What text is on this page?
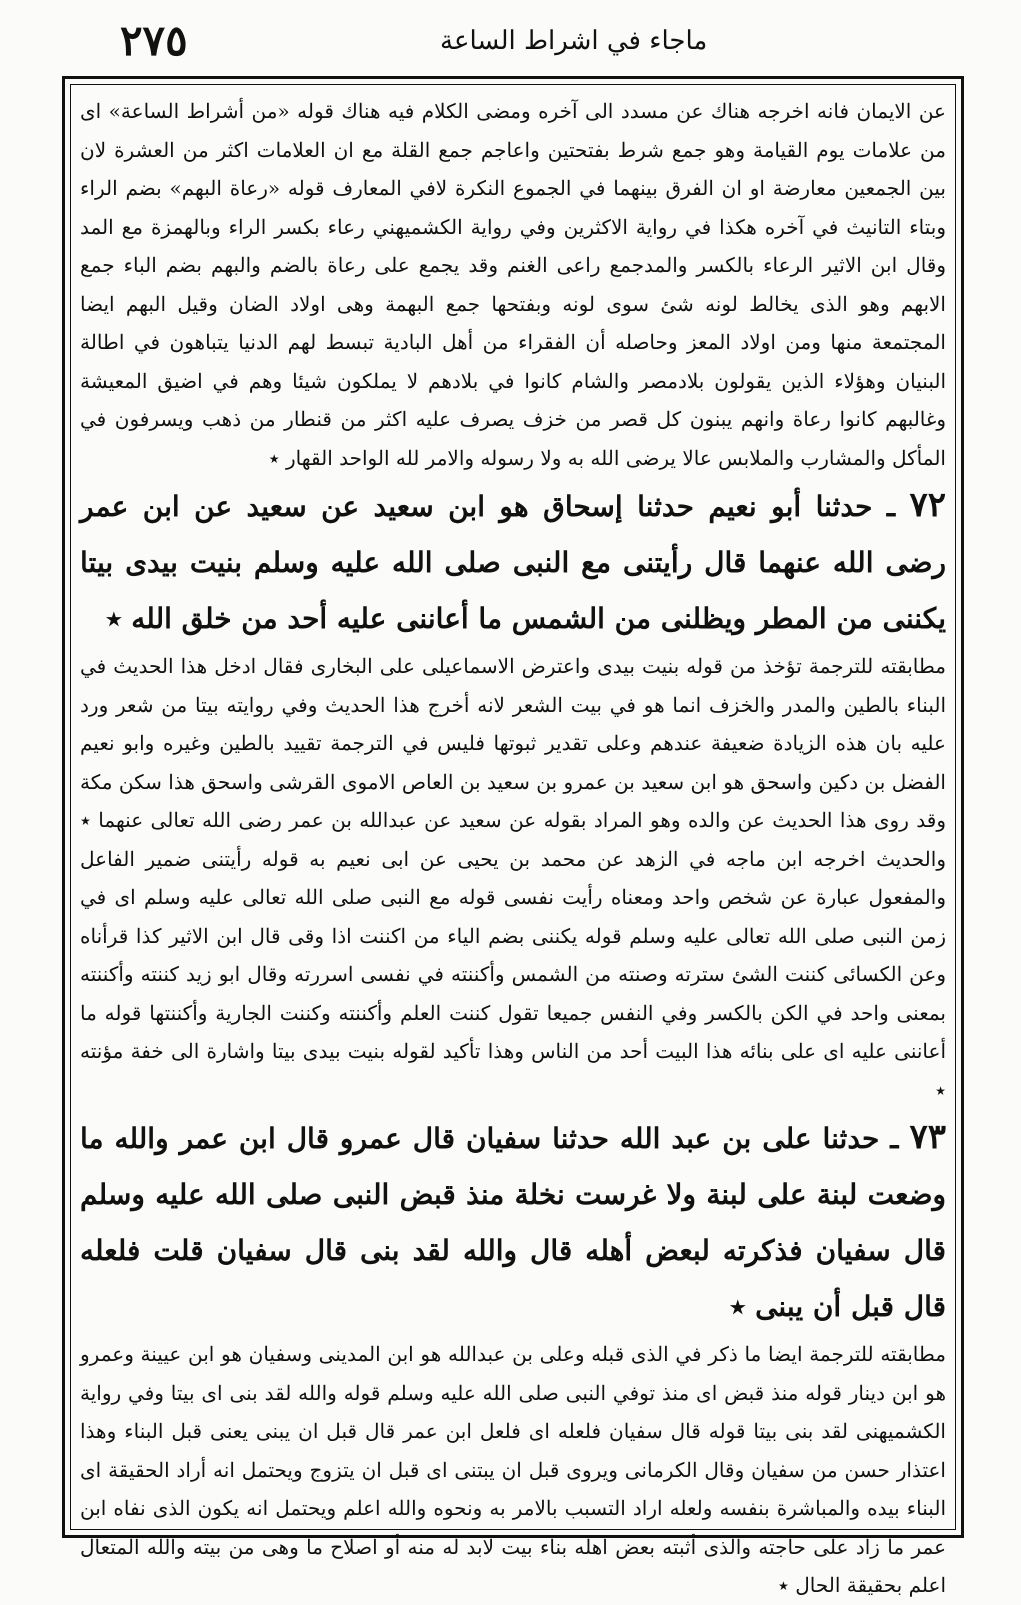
٢٧٥	ماجاء في اشراط الساعة

عن الايمان فانه اخرجه هناك عن مسدد الى آخره ومضى الكلام فيه هناك قوله «من أشراط الساعة» اى من علامات يوم القيامة وهو جمع شرط بفتحتين واعاجم جمع القلة مع ان العلامات اكثر من العشرة لان بين الجمعين معارضة او ان الفرق بينهما في الجموع النكرة لافي المعارف قوله «رعاة البهم» بضم الراء وبتاء التانيث في آخره هكذا في رواية الاكثرين وفي رواية الكشميهني رعاء بكسر الراء وبالهمزة مع المد وقال ابن الاثير الرعاء بالكسر والمدجمع راعى الغنم وقد يجمع على رعاة بالضم والبهم بضم الباء جمع الابهم وهو الذى يخالط لونه شئ سوى لونه وبفتحها جمع البهمة وهى اولاد الضان وقيل البهم ايضا المجتمعة منها ومن اولاد المعز وحاصله أن الفقراء من أهل البادية تبسط لهم الدنيا يتباهون في اطالة البنيان وهؤلاء الذين يقولون بلادمصر والشام كانوا في بلادهم لا يملكون شيئا وهم في اضيق المعيشة وغالبهم كانوا رعاة وانهم يبنون كل قصر من خزف يصرف عليه اكثر من قنطار من ذهب ويسرفون في المأكل والمشارب والملابس عالا يرضى الله به ولا رسوله والامر لله الواحد القهار ٭

٧٢ ـ حدثنا أبو نعيم حدثنا إسحاق هو ابن سعيد عن سعيد عن ابن عمر رضى الله عنهما قال رأيتنى مع النبى صلى الله عليه وسلم بنيت بيدى بيتا يكننى من المطر ويظلنى من الشمس ما أعاننى عليه أحد من خلق الله ٭

مطابقته للترجمة تؤخذ من قوله بنيت بيدى واعترض الاسماعيلى على البخارى فقال ادخل هذا الحديث في البناء بالطين والمدر والخزف انما هو في بيت الشعر لانه أخرج هذا الحديث وفي روايته بيتا من شعر ورد عليه بان هذه الزيادة ضعيفة عندهم وعلى تقدير ثبوتها فليس في الترجمة تقييد بالطين وغيره وابو نعيم الفضل بن دكين واسحق هو ابن سعيد بن عمرو بن سعيد بن العاص الاموى القرشى واسحق هذا سكن مكة وقد روى هذا الحديث عن والده وهو المراد بقوله عن سعيد عن عبدالله بن عمر رضى الله تعالى عنهما ٭ والحديث اخرجه ابن ماجه في الزهد عن محمد بن يحيى عن ابى نعيم به قوله رأيتنى ضمير الفاعل والمفعول عبارة عن شخص واحد ومعناه رأيت نفسى قوله مع النبى صلى الله تعالى عليه وسلم اى في زمن النبى صلى الله تعالى عليه وسلم قوله يكننى بضم الياء من اكننت اذا وقى قال ابن الاثير كذا قرأناه وعن الكسائى كننت الشئ سترته وصنته من الشمس وأكننته في نفسى اسررته وقال ابو زيد كننته وأكننته بمعنى واحد في الكن بالكسر وفي النفس جميعا تقول كننت العلم وأكننته وكننت الجارية وأكننتها قوله ما أعاننى عليه اى على بنائه هذا البيت أحد من الناس وهذا تأكيد لقوله بنيت بيدى بيتا واشارة الى خفة مؤنته ٭

٧٣ ـ حدثنا على بن عبد الله حدثنا سفيان قال عمرو قال ابن عمر والله ما وضعت لبنة على لبنة ولا غرست نخلة منذ قبض النبى صلى الله عليه وسلم قال سفيان فذكرته لبعض أهله قال والله لقد بنى قال سفيان قلت فلعله قال قبل أن يبنى ٭

مطابقته للترجمة ايضا ما ذكر في الذى قبله وعلى بن عبدالله هو ابن المدينى وسفيان هو ابن عيينة وعمرو هو ابن دينار قوله منذ قبض اى منذ توفي النبى صلى الله عليه وسلم قوله والله لقد بنى اى بيتا وفي رواية الكشميهنى لقد بنى بيتا قوله قال سفيان فلعله اى فلعل ابن عمر قال قبل ان يبنى يعنى قبل البناء وهذا اعتذار حسن من سفيان وقال الكرمانى ويروى قبل ان يبتنى اى قبل ان يتزوج ويحتمل انه أراد الحقيقة اى البناء بيده والمباشرة بنفسه ولعله اراد التسبب بالامر به ونحوه والله اعلم ويحتمل انه يكون الذى نفاه ابن عمر ما زاد على حاجته والذى أثبته بعض اهله بناء بيت لابد له منه أو اصلاح ما وهى من بيته والله المتعال اعلم بحقيقة الحال ٭
